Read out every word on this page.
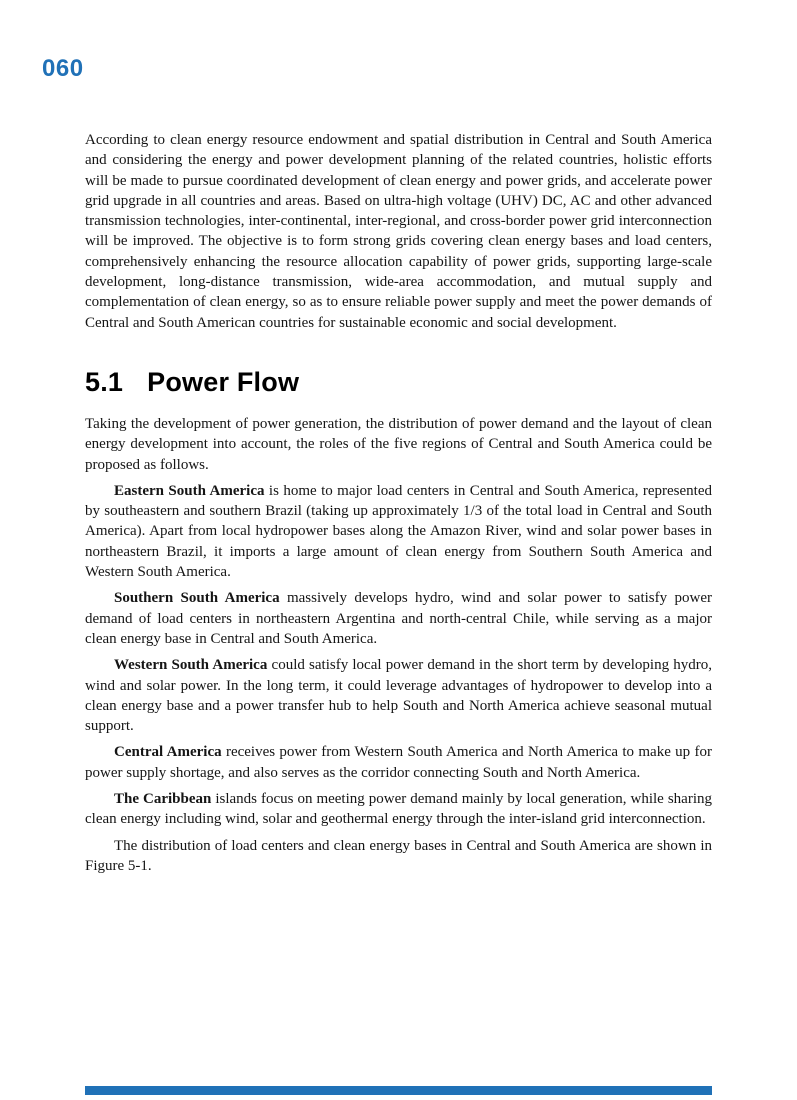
060

According to clean energy resource endowment and spatial distribution in Central and South America and considering the energy and power development planning of the related countries, holistic efforts will be made to pursue coordinated development of clean energy and power grids, and accelerate power grid upgrade in all countries and areas. Based on ultra-high voltage (UHV) DC, AC and other advanced transmission technologies, inter-continental, inter-regional, and cross-border power grid interconnection will be improved. The objective is to form strong grids covering clean energy bases and load centers, comprehensively enhancing the resource allocation capability of power grids, supporting large-scale development, long-distance transmission, wide-area accommodation, and mutual supply and complementation of clean energy, so as to ensure reliable power supply and meet the power demands of Central and South American countries for sustainable economic and social development.

5.1 Power Flow

Taking the development of power generation, the distribution of power demand and the layout of clean energy development into account, the roles of the five regions of Central and South America could be proposed as follows.

Eastern South America is home to major load centers in Central and South America, represented by southeastern and southern Brazil (taking up approximately 1/3 of the total load in Central and South America). Apart from local hydropower bases along the Amazon River, wind and solar power bases in northeastern Brazil, it imports a large amount of clean energy from Southern South America and Western South America.

Southern South America massively develops hydro, wind and solar power to satisfy power demand of load centers in northeastern Argentina and north-central Chile, while serving as a major clean energy base in Central and South America.

Western South America could satisfy local power demand in the short term by developing hydro, wind and solar power. In the long term, it could leverage advantages of hydropower to develop into a clean energy base and a power transfer hub to help South and North America achieve seasonal mutual support.

Central America receives power from Western South America and North America to make up for power supply shortage, and also serves as the corridor connecting South and North America.

The Caribbean islands focus on meeting power demand mainly by local generation, while sharing clean energy including wind, solar and geothermal energy through the inter-island grid interconnection.

The distribution of load centers and clean energy bases in Central and South America are shown in Figure 5-1.
